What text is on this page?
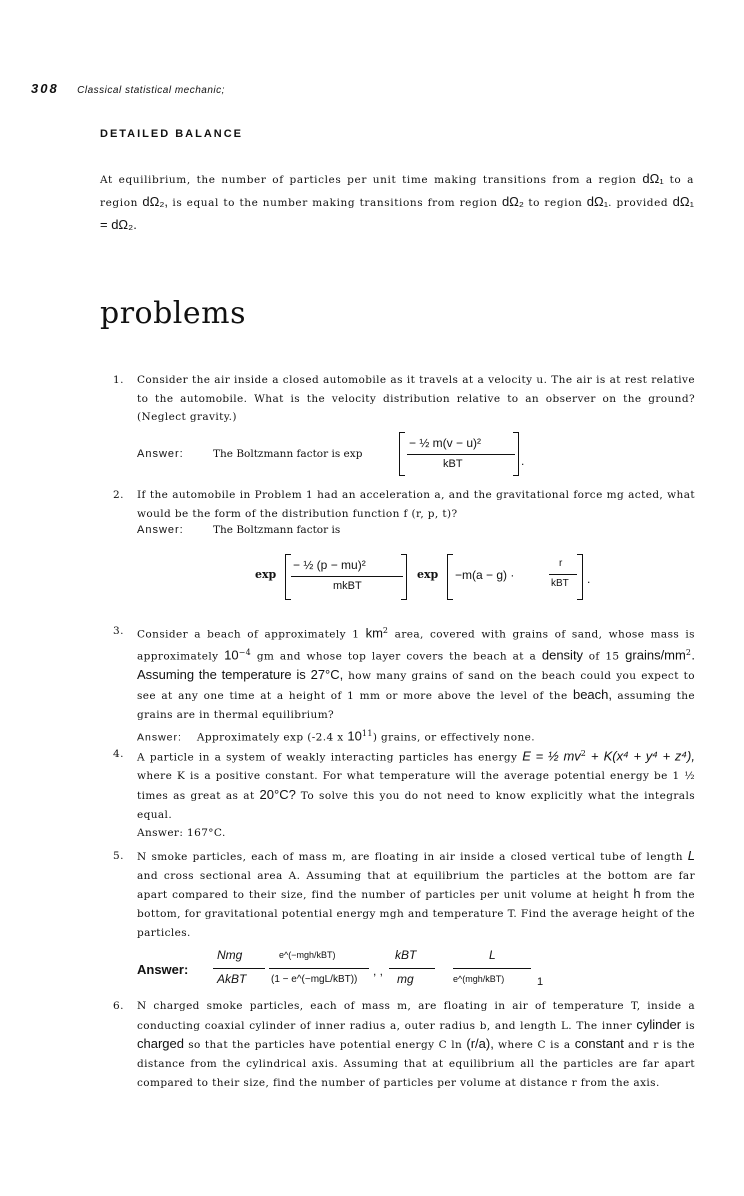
308 Classical statistical mechanic;
DETAILED BALANCE
At equilibrium, the number of particles per unit time making transitions from a region dΩ₁ to a region dΩ₂, is equal to the number making transitions from region dΩ₂ to region dΩ₁. provided dΩ₁ = dΩ₂.
problems
1. Consider the air inside a closed automobile as it travels at a velocity u. The air is at rest relative to the automobile. What is the velocity distribution relative to an observer on the ground? (Neglect gravity.)
Answer:	The Boltzmann factor is exp
− ½ m(v − u)²
kBT	.
2. If the automobile in Problem 1 had an acceleration a, and the gravitational force mg acted, what would be the form of the distribution function f (r, p, t)?
Answer:	The Boltzmann factor is
exp
− ½ (p − mu)²
mkBT
exp −m(a − g) ·
r
kBT .
3. Consider a beach of approximately 1 $km^2$ area, covered with grains of sand, whose mass is approximately $10^{-4}$ gm and whose top layer covers the beach at a density of 15 grains/$mm^2$. Assuming the temperature is 27°C, how many grains of sand on the beach could you expect to see at any one time at a height of 1 mm or more above the level of the beach, assuming the grains are in thermal equilibrium?
Answer: Approximately exp (-2.4 x $10^{11}$) grains, or effectively none.
4. A particle in a system of weakly interacting particles has energy E = ½ $mv^2 + K(x^4 + y^4 + z^4)$, where K is a positive constant. For what temperature will the average potential energy be 1 ½ times as great as at 20°C? To solve this you do not need to know explicitly what the integrals equal.
Answer: 167°C.
5. N smoke particles, each of mass m, are floating in air inside a closed vertical tube of length L and cross sectional area A. Assuming that at equilibrium the particles at the bottom are far apart compared to their size, find the number of particles per unit volume at height h from the bottom, for gravitational potential energy mgh and temperature T. Find the average height of the particles.
Answer:
Nmg
AkBT
e^(−mgh/kBT)
(1 − e^(−mgL/kBT))
, ,
kBT
mg
L
e^(mgh/kBT)	1
6. N charged smoke particles, each of mass m, are floating in air of temperature T, inside a conducting coaxial cylinder of inner radius a, outer radius b, and length L. The inner cylinder is charged so that the particles have potential energy C ln (r/a), where C is a constant and r is the distance from the cylindrical axis. Assuming that at equilibrium all the particles are far apart compared to their size, find the number of particles per volume at distance r from the axis.
